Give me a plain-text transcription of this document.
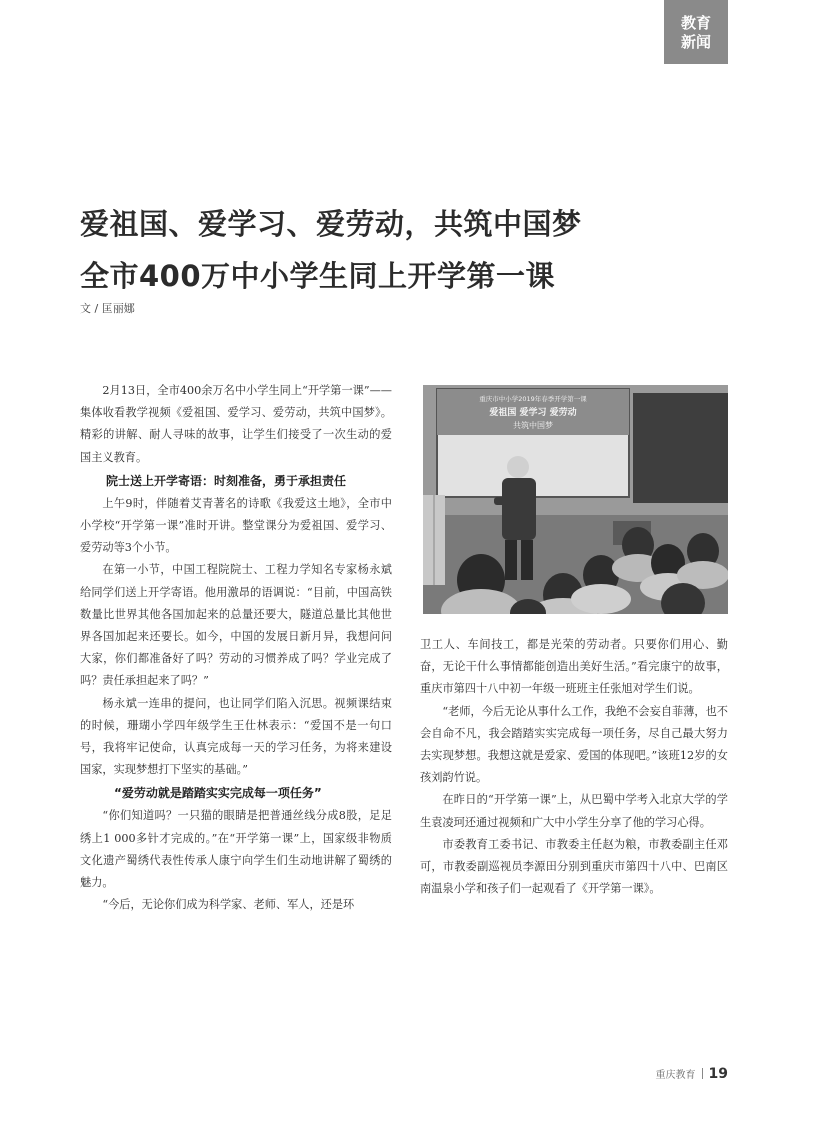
教育
新闻
爱祖国、爱学习、爱劳动，共筑中国梦
全市400万中小学生同上开学第一课
文 / 匡丽娜

2月13日，全市400余万名中小学生同上“开学第一课”——集体收看教学视频《爱祖国、爱学习、爱劳动，共筑中国梦》。精彩的讲解、耐人寻味的故事，让学生们接受了一次生动的爱国主义教育。

院士送上开学寄语：时刻准备，勇于承担责任

上午9时，伴随着艾青著名的诗歌《我爱这土地》，全市中小学校“开学第一课”准时开讲。整堂课分为爱祖国、爱学习、爱劳动等3个小节。

在第一小节，中国工程院院士、工程力学知名专家杨永斌给同学们送上开学寄语。他用激昂的语调说：“目前，中国高铁数量比世界其他各国加起来的总量还要大，隧道总量比其他世界各国加起来还要长。如今，中国的发展日新月异，我想问问大家，你们都准备好了吗？劳动的习惯养成了吗？学业完成了吗？责任承担起来了吗？”

杨永斌一连串的提问，也让同学们陷入沉思。视频课结束的时候，珊瑚小学四年级学生王仕林表示：“爱国不是一句口号，我将牢记使命，认真完成每一天的学习任务，为将来建设国家，实现梦想打下坚实的基础。”

“爱劳动就是踏踏实实完成每一项任务”

“你们知道吗？一只猫的眼睛是把普通丝线分成8股，足足绣上1 000多针才完成的。”在“开学第一课”上，国家级非物质文化遗产蜀绣代表性传承人康宁向学生们生动地讲解了蜀绣的魅力。

“今后，无论你们成为科学家、老师、军人，还是环

重庆市中小学2019年春季开学第一课
爱祖国 爱学习 爱劳动
共筑中国梦

卫工人、车间技工，都是光荣的劳动者。只要你们用心、勤奋，无论干什么事情都能创造出美好生活。”看完康宁的故事，重庆市第四十八中初一年级一班班主任张旭对学生们说。

“老师，今后无论从事什么工作，我绝不会妄自菲薄，也不会自命不凡，我会踏踏实实完成每一项任务，尽自己最大努力去实现梦想。我想这就是爱家、爱国的体现吧。”该班12岁的女孩刘韵竹说。

在昨日的“开学第一课”上，从巴蜀中学考入北京大学的学生袁凌珂还通过视频和广大中小学生分享了他的学习心得。

市委教育工委书记、市教委主任赵为粮，市教委副主任邓可，市教委副巡视员李源田分别到重庆市第四十八中、巴南区南温泉小学和孩子们一起观看了《开学第一课》。

重庆教育 19
